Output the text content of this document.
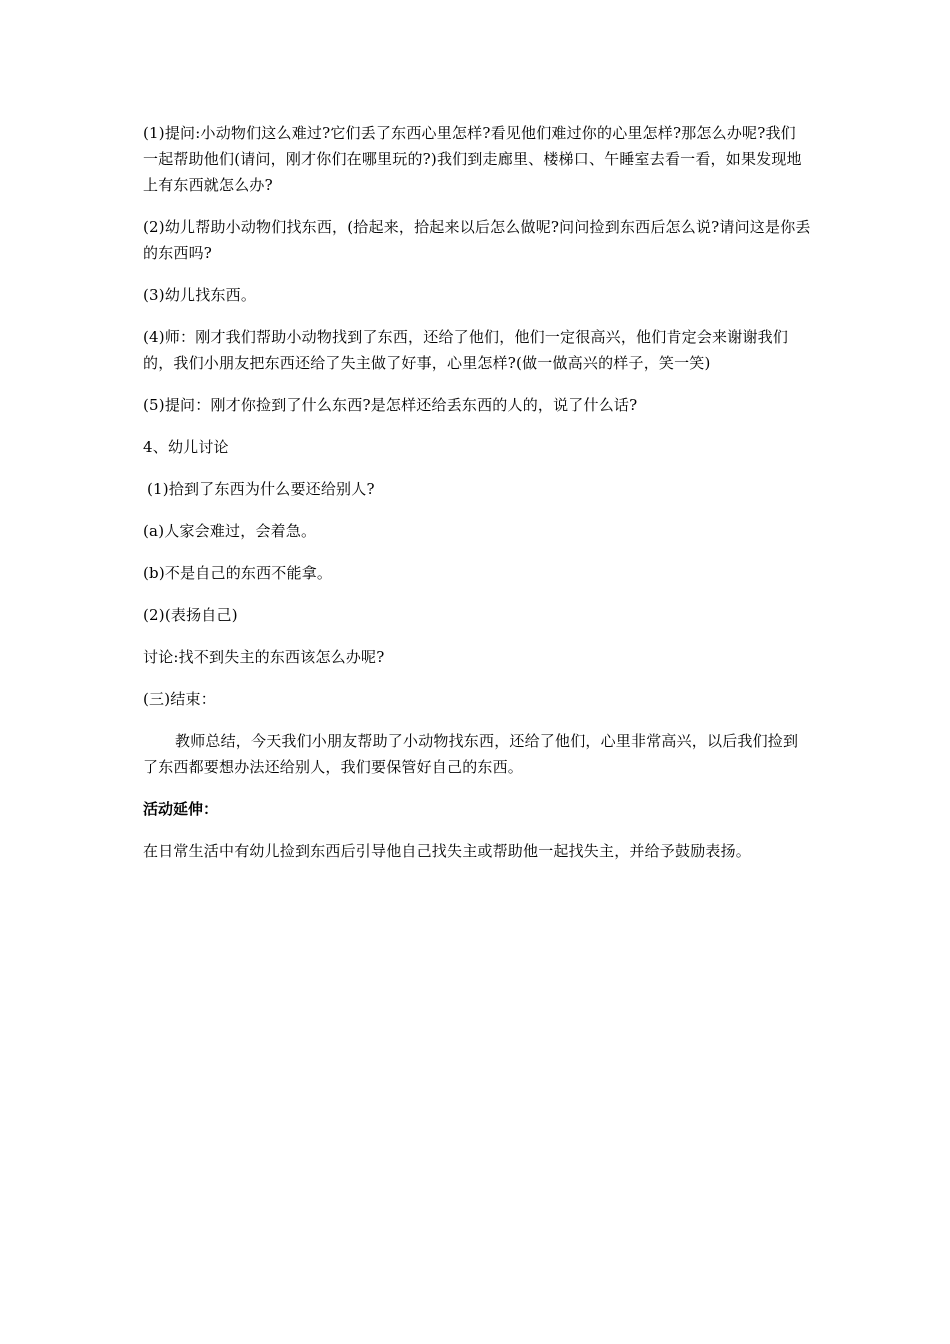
(1)提问:小动物们这么难过?它们丢了东西心里怎样?看见他们难过你的心里怎样?那怎么办呢?我们一起帮助他们(请问，刚才你们在哪里玩的?)我们到走廊里、楼梯口、午睡室去看一看，如果发现地上有东西就怎么办?

(2)幼儿帮助小动物们找东西，(拾起来，拾起来以后怎么做呢?问问捡到东西后怎么说?请问这是你丢的东西吗?

(3)幼儿找东西。

(4)师：刚才我们帮助小动物找到了东西，还给了他们，他们一定很高兴，他们肯定会来谢谢我们的，我们小朋友把东西还给了失主做了好事，心里怎样?(做一做高兴的样子，笑一笑)

(5)提问：刚才你捡到了什么东西?是怎样还给丢东西的人的，说了什么话?

4、幼儿讨论

(1)拾到了东西为什么要还给别人?

(a)人家会难过，会着急。

(b)不是自己的东西不能拿。

(2)(表扬自己)

讨论:找不到失主的东西该怎么办呢?

(三)结束：

教师总结，今天我们小朋友帮助了小动物找东西，还给了他们，心里非常高兴，以后我们捡到了东西都要想办法还给别人，我们要保管好自己的东西。

活动延伸：

在日常生活中有幼儿捡到东西后引导他自己找失主或帮助他一起找失主，并给予鼓励表扬。
